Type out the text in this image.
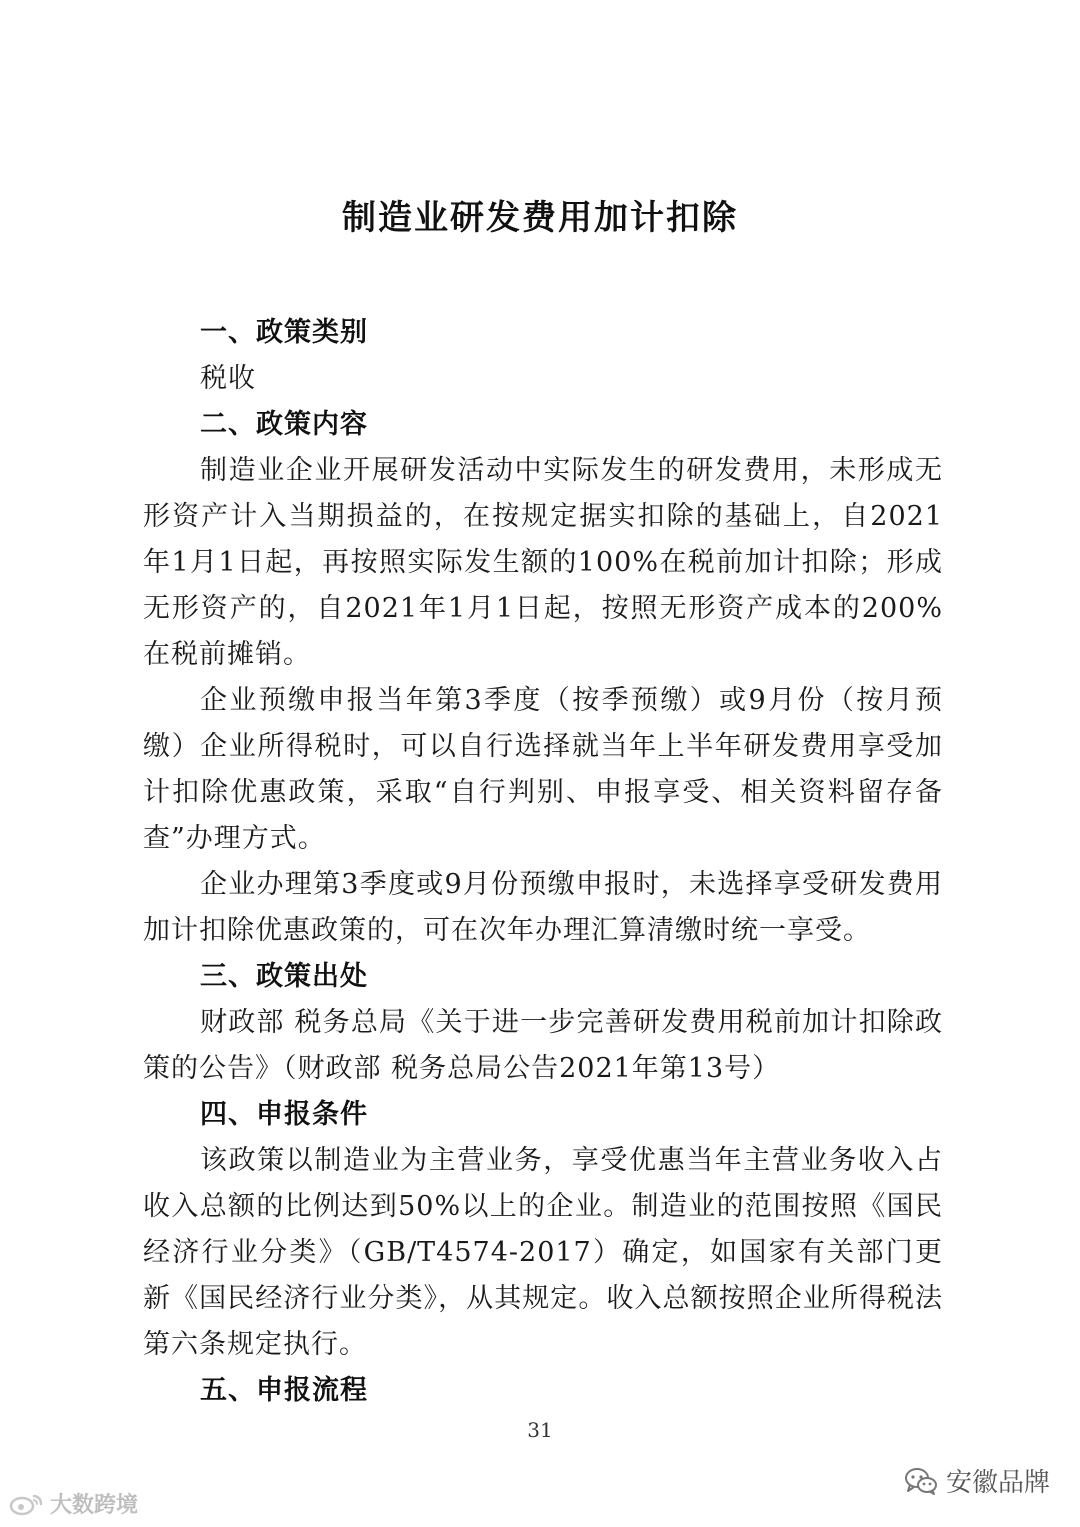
制造业研发费用加计扣除
一、政策类别

税收

二、政策内容

制造业企业开展研发活动中实际发生的研发费用，未形成无形资产计入当期损益的，在按规定据实扣除的基础上，自2021年1月1日起，再按照实际发生额的100%在税前加计扣除；形成无形资产的，自2021年1月1日起，按照无形资产成本的200%在税前摊销。

企业预缴申报当年第3季度（按季预缴）或9月份（按月预缴）企业所得税时，可以自行选择就当年上半年研发费用享受加计扣除优惠政策，采取“自行判别、申报享受、相关资料留存备查”办理方式。

企业办理第3季度或9月份预缴申报时，未选择享受研发费用加计扣除优惠政策的，可在次年办理汇算清缴时统一享受。

三、政策出处

财政部 税务总局《关于进一步完善研发费用税前加计扣除政策的公告》（财政部 税务总局公告2021年第13号）

四、申报条件

该政策以制造业为主营业务，享受优惠当年主营业务收入占收入总额的比例达到50%以上的企业。制造业的范围按照《国民经济行业分类》（GB/T4574-2017）确定，如国家有关部门更新《国民经济行业分类》，从其规定。收入总额按照企业所得税法第六条规定执行。

五、申报流程
31
大数跨境
安徽品牌
